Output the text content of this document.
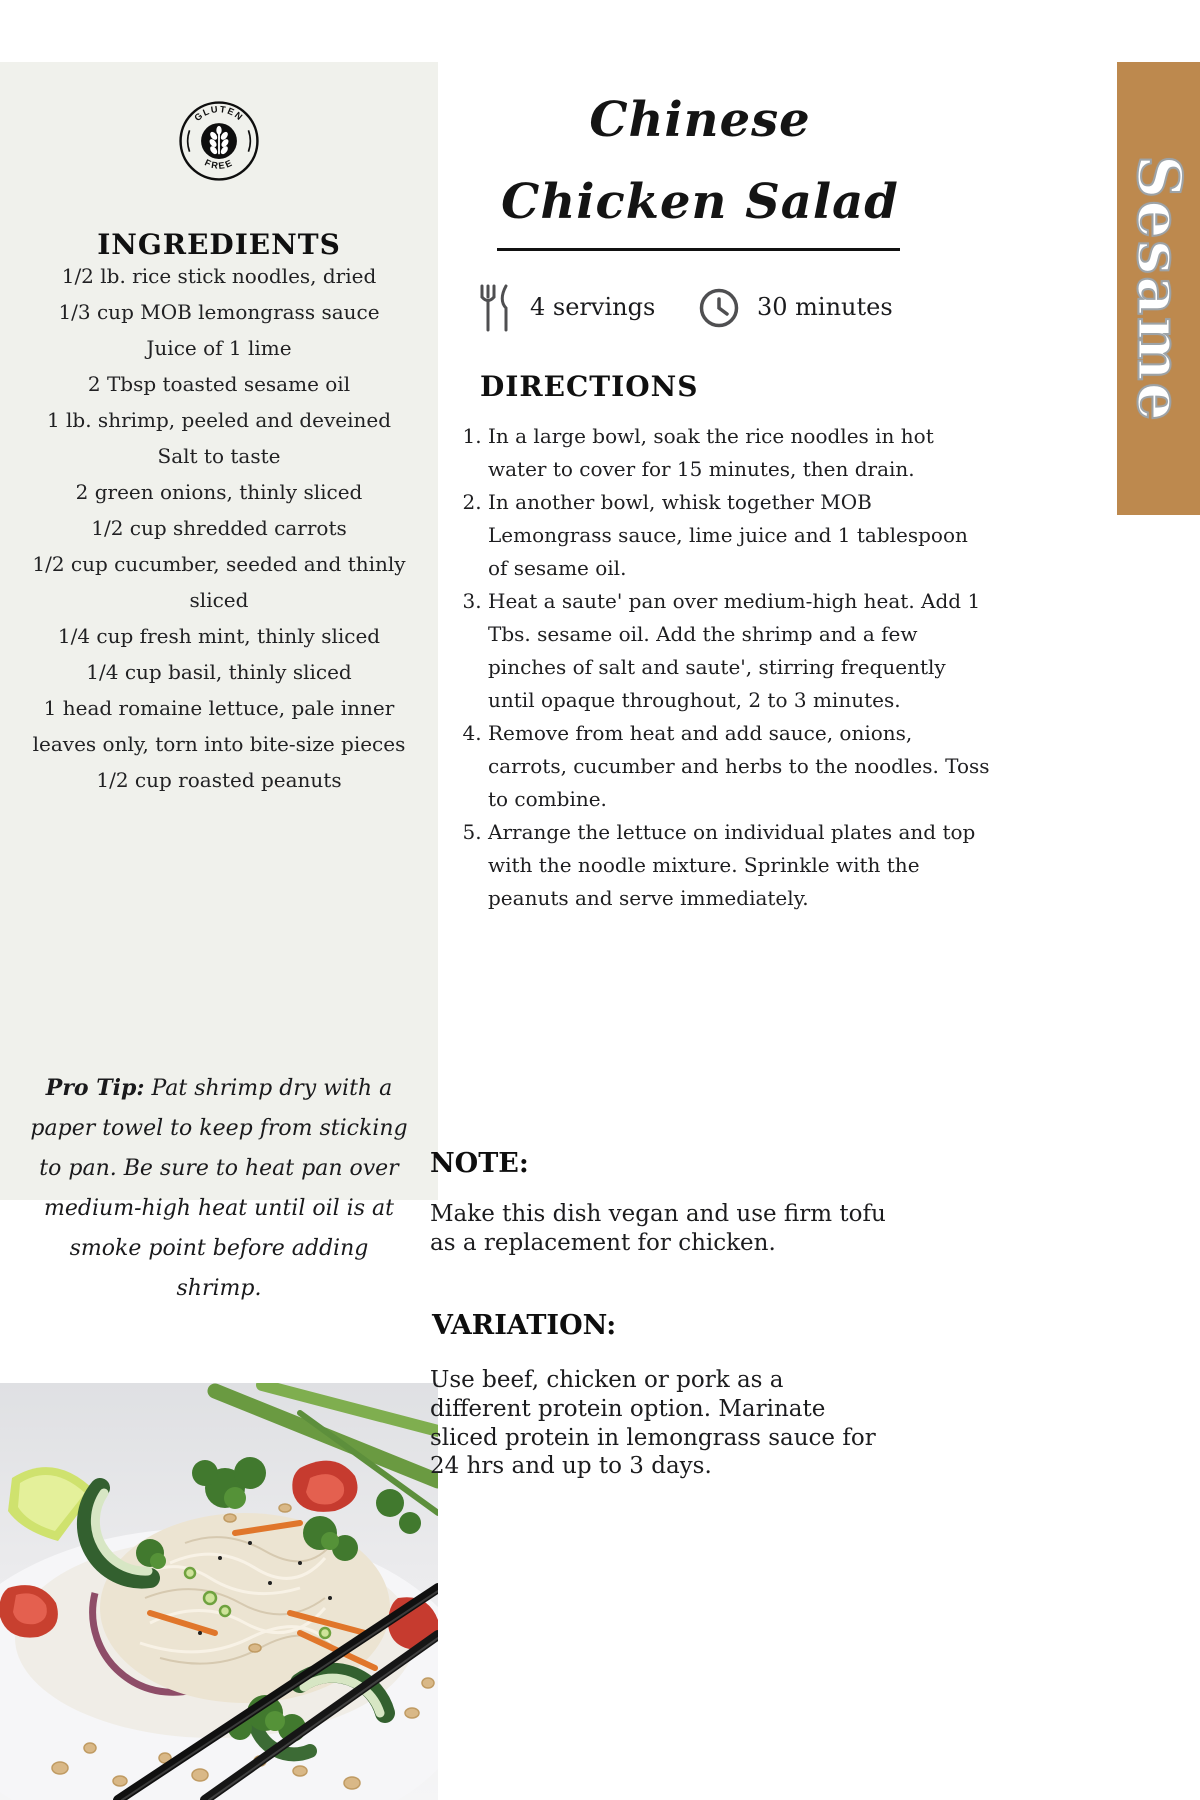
GLUTEN
FREE
INGREDIENTS
1/2 lb. rice stick noodles, dried
1/3 cup MOB lemongrass sauce
Juice of 1 lime
2 Tbsp toasted sesame oil
1 lb. shrimp, peeled and deveined
Salt to taste
2 green onions, thinly sliced
1/2 cup shredded carrots
1/2 cup cucumber, seeded and thinly sliced
1/4 cup fresh mint, thinly sliced
1/4 cup basil, thinly sliced
1 head romaine lettuce, pale inner leaves only, torn into bite-size pieces
1/2 cup roasted peanuts

Pro Tip: Pat shrimp dry with a paper towel to keep from sticking to pan. Be sure to heat pan over medium-high heat until oil is at smoke point before adding shrimp.

Chinese
Chicken Salad

4 servings	30 minutes

DIRECTIONS
1. In a large bowl, soak the rice noodles in hot water to cover for 15 minutes, then drain.
2. In another bowl, whisk together MOB Lemongrass sauce, lime juice and 1 tablespoon of sesame oil.
3. Heat a saute' pan over medium-high heat. Add 1 Tbs. sesame oil. Add the shrimp and a few pinches of salt and saute', stirring frequently until opaque throughout, 2 to 3 minutes.
4. Remove from heat and add sauce, onions, carrots, cucumber and herbs to the noodles. Toss to combine.
5. Arrange the lettuce on individual plates and top with the noodle mixture. Sprinkle with the peanuts and serve immediately.
NOTE:

Make this dish vegan and use firm tofu as a replacement for chicken.

VARIATION:

Use beef, chicken or pork as a different protein option. Marinate sliced protein in lemongrass sauce for 24 hrs and up to 3 days.

Sesame
